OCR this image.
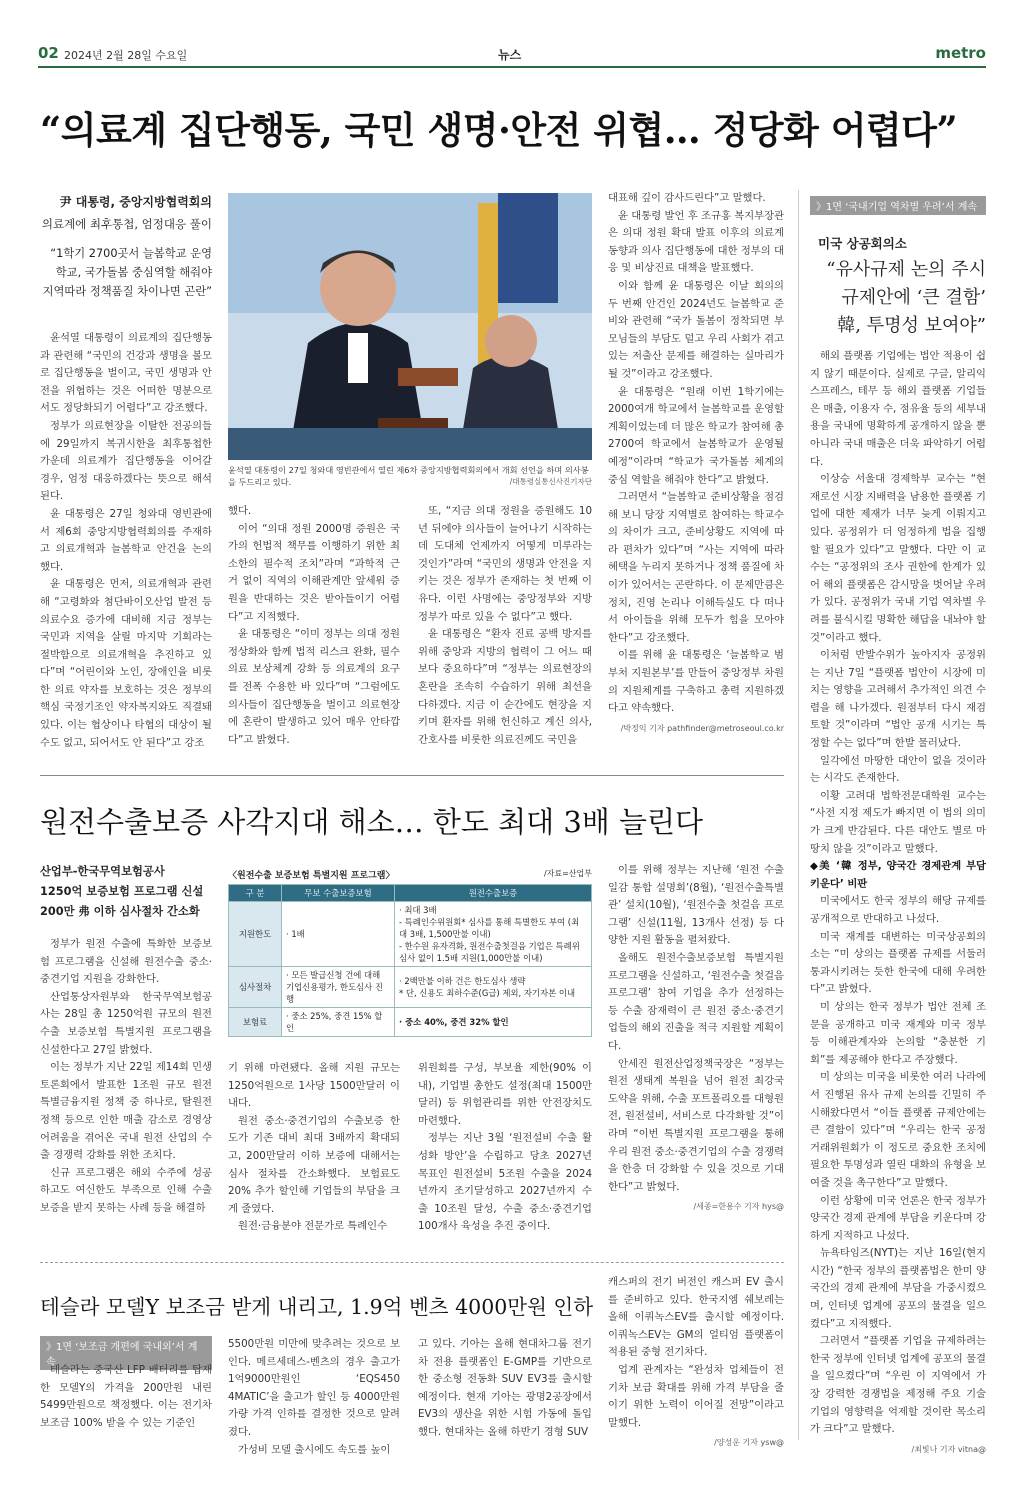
02 2024년 2월 28일 수요일	뉴스	metro
“의료계 집단행동, 국민 생명·안전 위협… 정당화 어렵다”
尹 대통령, 중앙지방협력회의
의료계에 최후통첩, 엄정대응 풀이
“1학기 2700곳서 늘봄학교 운영
학교, 국가돌봄 중심역할 해줘야
지역따라 정책품질 차이나면 곤란”

윤석열 대통령이 의료계의 집단행동과 관련해 “국민의 건강과 생명을 볼모로 집단행동을 벌이고, 국민 생명과 안전을 위협하는 것은 어떠한 명분으로서도 정당화되기 어렵다”고 강조했다.

정부가 의료현장을 이탈한 전공의들에 29일까지 복귀시한을 최후통첩한 가운데 의료계가 집단행동을 이어갈 경우, 엄정 대응하겠다는 뜻으로 해석된다.

윤 대통령은 27일 청와대 영빈관에서 제6회 중앙지방협력회의를 주재하고 의료개혁과 늘봄학교 안건을 논의했다.

윤 대통령은 먼저, 의료개혁과 관련해 “고령화와 첨단바이오산업 발전 등 의료수요 증가에 대비해 지금 정부는 국민과 지역을 살릴 마지막 기회라는 절박함으로 의료개혁을 추진하고 있다”며 “어린이와 노인, 장애인을 비롯한 의료 약자를 보호하는 것은 정부의 핵심 국정기조인 약자복지와도 직결돼 있다. 이는 협상이나 타협의 대상이 될 수도 없고, 되어서도 안 된다”고 강조

윤석열 대통령이 27일 청와대 영빈관에서 열린 제6차 중앙지방협력회의에서 개회 선언을 하며 의사봉을 두드리고 있다.	/대통령실통신사진기자단

했다.

이어 “의대 정원 2000명 증원은 국가의 헌법적 책무를 이행하기 위한 최소한의 필수적 조치”라며 “과학적 근거 없이 직역의 이해관계만 앞세워 증원을 반대하는 것은 받아들이기 어렵다”고 지적했다.

윤 대통령은 “이미 정부는 의대 정원 정상화와 함께 법적 리스크 완화, 필수 의료 보상체계 강화 등 의료계의 요구를 전폭 수용한 바 있다”며 “그럼에도 의사들이 집단행동을 벌이고 의료현장에 혼란이 발생하고 있어 매우 안타깝다”고 밝혔다.

또, “지금 의대 정원을 증원해도 10년 뒤에야 의사들이 늘어나기 시작하는데 도대체 언제까지 어떻게 미루라는 것인가”라며 “국민의 생명과 안전을 지키는 것은 정부가 존재하는 첫 번째 이유다. 이런 사명에는 중앙정부와 지방정부가 따로 있을 수 없다”고 했다.

윤 대통령은 “환자 진료 공백 방지를 위해 중앙과 지방의 협력이 그 어느 때보다 중요하다”며 “정부는 의료현장의 혼란을 조속히 수습하기 위해 최선을 다하겠다. 지금 이 순간에도 현장을 지키며 환자를 위해 헌신하고 계신 의사, 간호사를 비롯한 의료진께도 국민을

대표해 깊이 감사드린다”고 말했다.

윤 대통령 발언 후 조규홍 복지부장관은 의대 정원 확대 발표 이후의 의료계 동향과 의사 집단행동에 대한 정부의 대응 및 비상진료 대책을 발표했다.

이와 함께 윤 대통령은 이날 회의의 두 번째 안건인 2024년도 늘봄학교 준비와 관련해 “국가 돌봄이 정착되면 부모님들의 부담도 덜고 우리 사회가 겪고 있는 저출산 문제를 해결하는 실마리가 될 것”이라고 강조했다.

윤 대통령은 “원래 이번 1학기에는 2000여개 학교에서 늘봄학교를 운영할 계획이었는데 더 많은 학교가 참여해 총 2700여 학교에서 늘봄학교가 운영될 예정”이라며 “학교가 국가돌봄 체계의 중심 역할을 해줘야 한다”고 밝혔다.

그러면서 “늘봄학교 준비상황을 점검해 보니 당장 지역별로 참여하는 학교수의 차이가 크고, 준비상황도 지역에 따라 편차가 있다”며 “사는 지역에 따라 혜택을 누리지 못하거나 정책 품질에 차이가 있어서는 곤란하다. 이 문제만큼은 정치, 진영 논리나 이해득실도 다 떠나서 아이들을 위해 모두가 힘을 모아야 한다”고 강조했다.

이를 위해 윤 대통령은 ‘늘봄학교 범부처 지원본부’를 만들어 중앙정부 차원의 지원체계를 구축하고 총력 지원하겠다고 약속했다.

/박정익 기자 pathfinder@metroseoul.co.kr
원전수출보증 사각지대 해소… 한도 최대 3배 늘린다
산업부-한국무역보험공사
1250억 보증보험 프로그램 신설
200만 弗 이하 심사절차 간소화

정부가 원전 수출에 특화한 보증보험 프로그램을 신설해 원전수출 중소·중견기업 지원을 강화한다.

산업통상자원부와 한국무역보험공사는 28일 총 1250억원 규모의 원전수출 보증보험 특별지원 프로그램을 신설한다고 27일 밝혔다.

이는 정부가 지난 22일 제14회 민생토론회에서 발표한 1조원 규모 원전 특별금융지원 정책 중 하나로, 탈원전 정책 등으로 인한 매출 감소로 경영상 어려움을 겪어온 국내 원전 산업의 수출 경쟁력 강화를 위한 조치다.

신규 프로그램은 해외 수주에 성공하고도 여신한도 부족으로 인해 수출보증을 받지 못하는 사례 등을 해결하

〈원전수출 보증보험 특별지원 프로그램〉	/자료=산업부
구 분	무보 수출보증보험	원전수출보증
지원한도	· 1배	· 최대 3배
- 특례인수위원회* 심사를 통해 특별한도 부여 (최대 3배, 1,500만불 이내)
- 한수원 유자격화, 원전수출첫걸음 기업은 특례위심사 없이 1.5배 지원(1,000만불 이내)
심사절차	· 모든 발급신청 건에 대해 기업신용평가, 한도심사 진행	· 2백만불 이하 건은 한도심사 생략
* 단, 신용도 최하수준(G급) 제외, 자기자본 이내
보험료	· 중소 25%, 중견 15% 할인	· 중소 40%, 중견 32% 할인

기 위해 마련됐다. 올해 지원 규모는 1250억원으로 1사당 1500만달러 이내다.

원전 중소·중견기업의 수출보증 한도가 기존 대비 최대 3배까지 확대되고, 200만달러 이하 보증에 대해서는 심사 절차를 간소화했다. 보험료도 20% 추가 할인해 기업들의 부담을 크게 줄였다.

원전·금융분야 전문가로 특례인수

위원회를 구성, 부보율 제한(90% 이내), 기업별 총한도 설정(최대 1500만달러) 등 위험관리를 위한 안전장치도 마련했다.

정부는 지난 3월 ‘원전설비 수출 활성화 방안’을 수립하고 당초 2027년 목표인 원전설비 5조원 수출을 2024년까지 조기달성하고 2027년까지 수출 10조원 달성, 수출 중소·중견기업 100개사 육성을 추진 중이다.

이를 위해 정부는 지난해 ‘원전 수출 일감 통합 설명회’(8월), ‘원전수출특별관’ 설치(10월), ‘원전수출 첫걸음 프로그램’ 신설(11월, 13개사 선정) 등 다양한 지원 활동을 펼쳐왔다.

올해도 원전수출보증보험 특별지원 프로그램을 신설하고, ‘원전수출 첫걸음 프로그램’ 참여 기업을 추가 선정하는 등 수출 잠재력이 큰 원전 중소·중견기업들의 해외 진출을 적극 지원할 계획이다.

안세진 원전산업정책국장은 “정부는 원전 생태계 복원을 넘어 원전 최강국 도약을 위해, 수출 포트폴리오를 대형원전, 원전설비, 서비스로 다각화할 것”이라며 “이번 특별지원 프로그램을 통해 우리 원전 중소·중견기업의 수출 경쟁력을 한층 더 강화할 수 있을 것으로 기대한다”고 밝혔다.

/세종=한용수 기자 hys@
테슬라 모델Y 보조금 받게 내리고, 1.9억 벤츠 4000만원 인하
》1면 ‘보조금 개편에 국내외’서 계속

테슬라는 중국산 LFP 배터리를 탑재한 모델Y의 가격을 200만원 내린 5499만원으로 책정했다. 이는 전기차 보조금 100% 받을 수 있는 기준인

5500만원 미만에 맞추려는 것으로 보인다. 메르세데스-벤츠의 경우 출고가 1억9000만원인 ‘EQS450 4MATIC’을 출고가 할인 등 4000만원 가량 가격 인하를 결정한 것으로 알려졌다.

가성비 모델 출시에도 속도를 높이

고 있다. 기아는 올해 현대차그룹 전기차 전용 플랫폼인 E-GMP를 기반으로 한 중소형 전동화 SUV EV3를 출시할 예정이다. 현재 기아는 광명2공장에서 EV3의 생산을 위한 시험 가동에 돌입했다. 현대차는 올해 하반기 경형 SUV

캐스퍼의 전기 버전인 캐스퍼 EV 출시를 준비하고 있다. 한국지엠 쉐보레는 올해 이쿼녹스EV를 출시할 예정이다. 이쿼녹스EV는 GM의 얼티엄 플랫폼이 적용된 중형 전기차다.

업계 관계자는 “완성차 업체들이 전기차 보급 확대를 위해 가격 부담을 줄이기 위한 노력이 이어질 전망”이라고 말했다.

/양성운 기자 ysw@
》1면 ‘국내기업 역차별 우려’서 계속
미국 상공회의소
“유사규제 논의 주시
규제안에 ‘큰 결함’
韓, 투명성 보여야”

해외 플랫폼 기업에는 법안 적용이 쉽지 않기 때문이다. 실제로 구글, 알리익스프레스, 테무 등 해외 플랫폼 기업들은 매출, 이용자 수, 점유율 등의 세부내용을 국내에 명확하게 공개하지 않을 뿐 아니라 국내 매출은 더욱 파악하기 어렵다.

이상승 서울대 경제학부 교수는 “현재로선 시장 지배력을 남용한 플랫폼 기업에 대한 제재가 너무 늦게 이뤄지고 있다. 공정위가 더 엄정하게 법을 집행할 필요가 있다”고 말했다. 다만 이 교수는 “공정위의 조사 권한에 한계가 있어 해외 플랫폼은 감시망을 벗어날 우려가 있다. 공정위가 국내 기업 역차별 우려를 불식시킬 명확한 해답을 내놔야 할 것”이라고 했다.

이처럼 반발수위가 높아지자 공정위는 지난 7일 “플랫폼 법안이 시장에 미치는 영향을 고려해서 추가적인 의견 수렴을 해 나가겠다. 원점부터 다시 재검토할 것”이라며 “법안 공개 시기는 특정할 수는 없다”며 한발 물러났다.

일각에선 마땅한 대안이 없을 것이라는 시각도 존재한다.

이황 고려대 법학전문대학원 교수는 “사전 지정 제도가 빠지면 이 법의 의미가 크게 반감된다. 다른 대안도 별로 마땅치 않을 것”이라고 말했다.

◆美 ‘韓 정부, 양국간 경제관계 부담 키운다’ 비판

미국에서도 한국 정부의 해당 규제를 공개적으로 반대하고 나섰다.

미국 재계를 대변하는 미국상공회의소는 “미 상의는 플랫폼 규제를 서둘러 통과시키려는 듯한 한국에 대해 우려한다”고 밝혔다.

미 상의는 한국 정부가 법안 전체 조문을 공개하고 미국 재계와 미국 정부 등 이해관계자와 논의할 “충분한 기회”를 제공해야 한다고 주장했다.

미 상의는 미국을 비롯한 여러 나라에서 진행된 유사 규제 논의를 긴밀히 주시해왔다면서 “이들 플랫폼 규제안에는 큰 결함이 있다”며 “우리는 한국 공정거래위원회가 이 정도로 중요한 조치에 필요한 투명성과 열린 대화의 유형을 보여줄 것을 촉구한다”고 말했다.

이런 상황에 미국 언론은 한국 정부가 양국간 경제 관계에 부담을 키운다며 강하게 지적하고 나섰다.

뉴욕타임즈(NYT)는 지난 16일(현지시간) “한국 정부의 플랫폼법은 한미 양국간의 경제 관계에 부담을 가중시켰으며, 인터넷 업계에 공포의 물결을 일으켰다”고 지적했다.

그러면서 “플랫폼 기업을 규제하려는 한국 정부에 인터넷 업계에 공포의 물결을 일으켰다”며 “우린 이 지역에서 가장 강력한 경쟁법을 제정해 주요 기술 기업의 영향력을 억제할 것이란 목소리가 크다”고 말했다.

/최빛나 기자 vitna@
